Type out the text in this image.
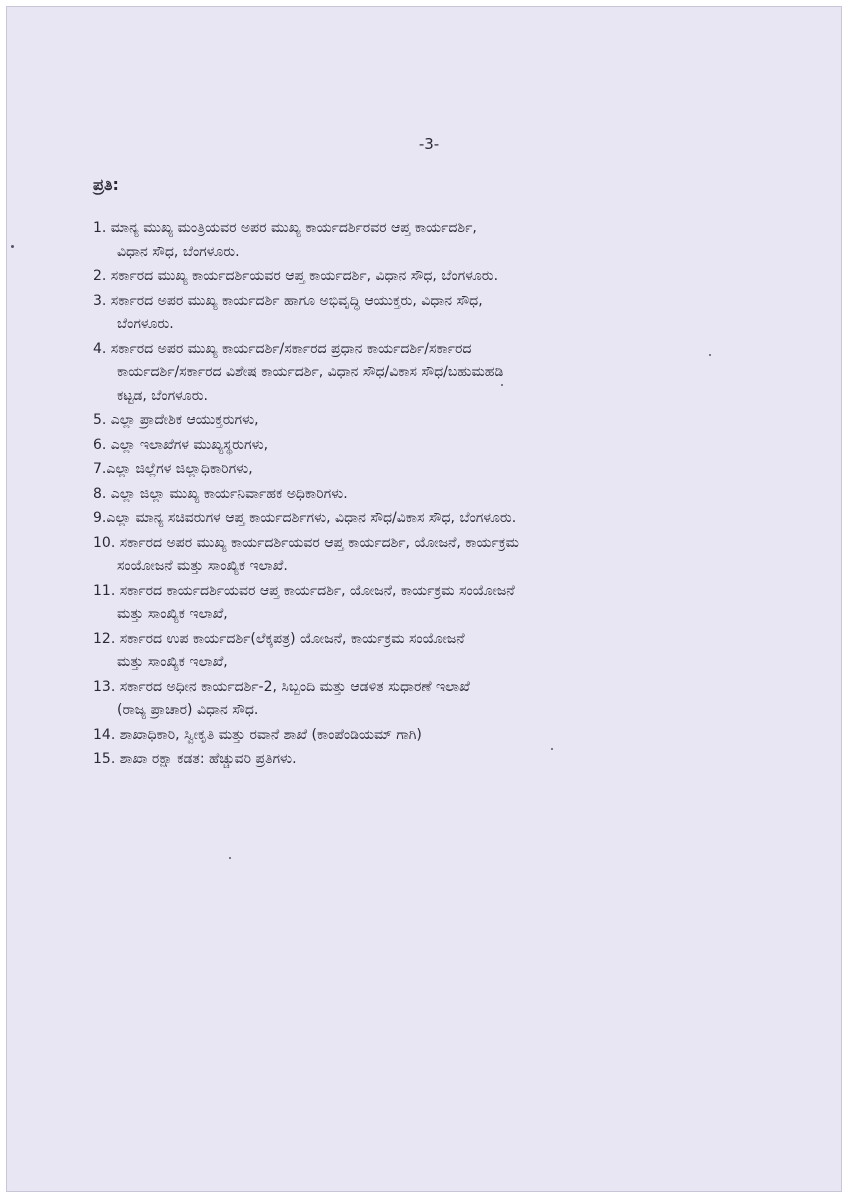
-3-
ಪ್ರತಿ:
1. ಮಾನ್ಯ ಮುಖ್ಯ ಮಂತ್ರಿಯವರ ಅಪರ ಮುಖ್ಯ ಕಾರ್ಯದರ್ಶಿರವರ ಆಪ್ತ ಕಾರ್ಯದರ್ಶಿ,
ವಿಧಾನ ಸೌಧ, ಬೆಂಗಳೂರು.
2. ಸರ್ಕಾರದ ಮುಖ್ಯ ಕಾರ್ಯದರ್ಶಿಯವರ ಆಪ್ತ ಕಾರ್ಯದರ್ಶಿ, ವಿಧಾನ ಸೌಧ, ಬೆಂಗಳೂರು.
3. ಸರ್ಕಾರದ ಅಪರ ಮುಖ್ಯ ಕಾರ್ಯದರ್ಶಿ ಹಾಗೂ ಅಭಿವೃದ್ಧಿ ಆಯುಕ್ತರು, ವಿಧಾನ ಸೌಧ,
ಬೆಂಗಳೂರು.
4. ಸರ್ಕಾರದ ಅಪರ ಮುಖ್ಯ ಕಾರ್ಯದರ್ಶಿ/ಸರ್ಕಾರದ ಪ್ರಧಾನ ಕಾರ್ಯದರ್ಶಿ/ಸರ್ಕಾರದ
ಕಾರ್ಯದರ್ಶಿ/ಸರ್ಕಾರದ ವಿಶೇಷ ಕಾರ್ಯದರ್ಶಿ, ವಿಧಾನ ಸೌಧ/ವಿಕಾಸ ಸೌಧ/ಬಹುಮಹಡಿ
ಕಟ್ಟಡ, ಬೆಂಗಳೂರು.
5. ಎಲ್ಲಾ ಪ್ರಾದೇಶಿಕ ಆಯುಕ್ತರುಗಳು,
6. ಎಲ್ಲಾ ಇಲಾಖೆಗಳ ಮುಖ್ಯಸ್ಥರುಗಳು,
7.ಎಲ್ಲಾ ಜಿಲ್ಲೆಗಳ ಜಿಲ್ಲಾಧಿಕಾರಿಗಳು,
8. ಎಲ್ಲಾ ಜಿಲ್ಲಾ ಮುಖ್ಯ ಕಾರ್ಯನಿರ್ವಾಹಕ ಅಧಿಕಾರಿಗಳು.
9.ಎಲ್ಲಾ ಮಾನ್ಯ ಸಚಿವರುಗಳ ಆಪ್ತ ಕಾರ್ಯದರ್ಶಿಗಳು, ವಿಧಾನ ಸೌಧ/ವಿಕಾಸ ಸೌಧ, ಬೆಂಗಳೂರು.
10. ಸರ್ಕಾರದ ಅಪರ ಮುಖ್ಯ ಕಾರ್ಯದರ್ಶಿಯವರ ಆಪ್ತ ಕಾರ್ಯದರ್ಶಿ, ಯೋಜನೆ, ಕಾರ್ಯಕ್ರಮ
ಸಂಯೋಜನೆ ಮತ್ತು ಸಾಂಖ್ಯಿಕ ಇಲಾಖೆ.
11. ಸರ್ಕಾರದ ಕಾರ್ಯದರ್ಶಿಯವರ ಆಪ್ತ ಕಾರ್ಯದರ್ಶಿ, ಯೋಜನೆ, ಕಾರ್ಯಕ್ರಮ ಸಂಯೋಜನೆ
ಮತ್ತು ಸಾಂಖ್ಯಿಕ ಇಲಾಖೆ,
12. ಸರ್ಕಾರದ ಉಪ ಕಾರ್ಯದರ್ಶಿ(ಲೆಕ್ಕಪತ್ರ) ಯೋಜನೆ, ಕಾರ್ಯಕ್ರಮ ಸಂಯೋಜನೆ
ಮತ್ತು ಸಾಂಖ್ಯಿಕ ಇಲಾಖೆ,
13. ಸರ್ಕಾರದ ಅಧೀನ ಕಾರ್ಯದರ್ಶಿ-2, ಸಿಬ್ಬಂದಿ ಮತ್ತು ಆಡಳಿತ ಸುಧಾರಣೆ ಇಲಾಖೆ
(ರಾಜ್ಯ ಪ್ರಾಚಾರ) ವಿಧಾನ ಸೌಧ.
14. ಶಾಖಾಧಿಕಾರಿ, ಸ್ವೀಕೃತಿ ಮತ್ತು ರವಾನೆ ಶಾಖೆ (ಕಾಂಪೆಂಡಿಯಮ್ ಗಾಗಿ)
15. ಶಾಖಾ ರಕ್ಷಾ ಕಡತ: ಹೆಚ್ಚುವರಿ ಪ್ರತಿಗಳು.
